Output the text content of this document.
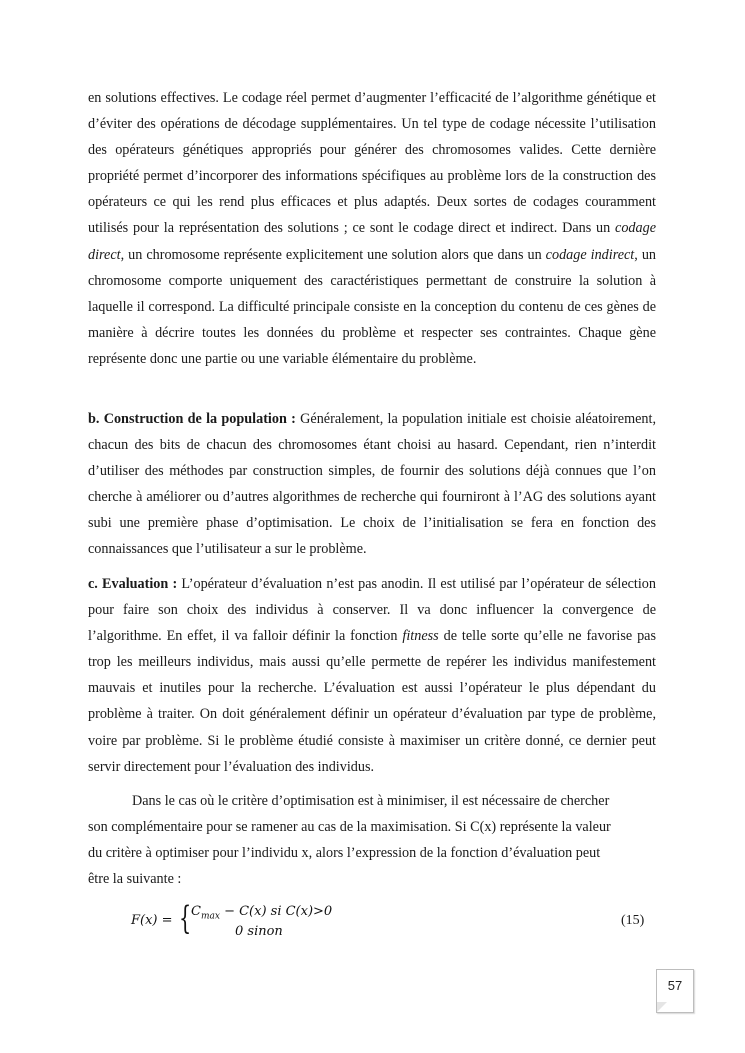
en solutions effectives. Le codage réel permet d’augmenter l’efficacité de l’algorithme génétique et d’éviter des opérations de décodage supplémentaires. Un tel type de codage nécessite l’utilisation des opérateurs génétiques appropriés pour générer des chromosomes valides. Cette dernière propriété permet d’incorporer des informations spécifiques au problème lors de la construction des opérateurs ce qui les rend plus efficaces et plus adaptés. Deux sortes de codages couramment utilisés pour la représentation des solutions ; ce sont le codage direct et indirect. Dans un codage direct, un chromosome représente explicitement une solution alors que dans un codage indirect, un chromosome comporte uniquement des caractéristiques permettant de construire la solution à laquelle il correspond. La difficulté principale consiste en la conception du contenu de ces gènes de manière à décrire toutes les données du problème et respecter ses contraintes. Chaque gène représente donc une partie ou une variable élémentaire du problème.

b. Construction de la population : Généralement, la population initiale est choisie aléatoirement, chacun des bits de chacun des chromosomes étant choisi au hasard. Cependant, rien n’interdit d’utiliser des méthodes par construction simples, de fournir des solutions déjà connues que l’on cherche à améliorer ou d’autres algorithmes de recherche qui fourniront à l’AG des solutions ayant subi une première phase d’optimisation. Le choix de l’initialisation se fera en fonction des connaissances que l’utilisateur a sur le problème.

c. Evaluation : L’opérateur d’évaluation n’est pas anodin. Il est utilisé par l’opérateur de sélection pour faire son choix des individus à conserver. Il va donc influencer la convergence de l’algorithme. En effet, il va falloir définir la fonction fitness de telle sorte qu’elle ne favorise pas trop les meilleurs individus, mais aussi qu’elle permette de repérer les individus manifestement mauvais et inutiles pour la recherche. L’évaluation est aussi l’opérateur le plus dépendant du problème à traiter. On doit généralement définir un opérateur d’évaluation par type de problème, voire par problème. Si le problème étudié consiste à maximiser un critère donné, ce dernier peut servir directement pour l’évaluation des individus.

Dans le cas où le critère d’optimisation est à minimiser, il est nécessaire de chercher
son complémentaire pour se ramener au cas de la maximisation. Si C(x) représente la valeur
du critère à optimiser pour l’individu x, alors l’expression de la fonction d’évaluation peut
être la suivante :
F(x) = { $C_{max} - C(x)$ si C(x)>0
0 sinon
(15)
57
